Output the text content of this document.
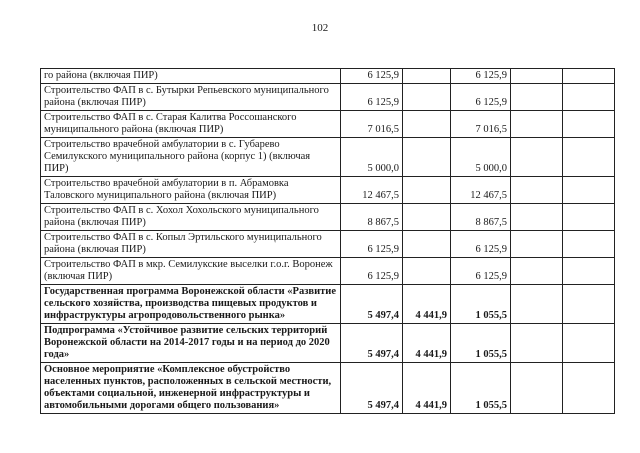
102
го района (включая ПИР)	6 125,9		6 125,9		
Строительство ФАП в с. Бутырки Репьевского муниципального района (включая ПИР)	6 125,9		6 125,9		
Строительство ФАП в с. Старая Калитва Россошанского муниципального района (включая ПИР)	7 016,5		7 016,5		
Строительство врачебной амбулатории в с. Губарево Семилукского муниципального района (корпус 1) (включая ПИР)	5 000,0		5 000,0		
Строительство врачебной амбулатории в п. Абрамовка Таловского муниципального района (включая ПИР)	12 467,5		12 467,5		
Строительство ФАП в с. Хохол Хохольского муниципального района (включая ПИР)	8 867,5		8 867,5		
Строительство ФАП в с. Копыл Эртильского муниципального района (включая ПИР)	6 125,9		6 125,9		
Строительство ФАП в мкр. Семилукские выселки г.о.г. Воронеж (включая ПИР)	6 125,9		6 125,9		
Государственная программа Воронежской области «Развитие сельского хозяйства, производства пищевых продуктов и инфраструктуры агропродовольственного рынка»	5 497,4	4 441,9	1 055,5		
Подпрограмма «Устойчивое развитие сельских территорий Воронежской области на 2014-2017 годы и на период до 2020 года»	5 497,4	4 441,9	1 055,5		
Основное мероприятие «Комплексное обустройство населенных пунктов, расположенных в сельской местности, объектами социальной, инженерной инфраструктуры и автомобильными дорогами общего пользования»	5 497,4	4 441,9	1 055,5		
